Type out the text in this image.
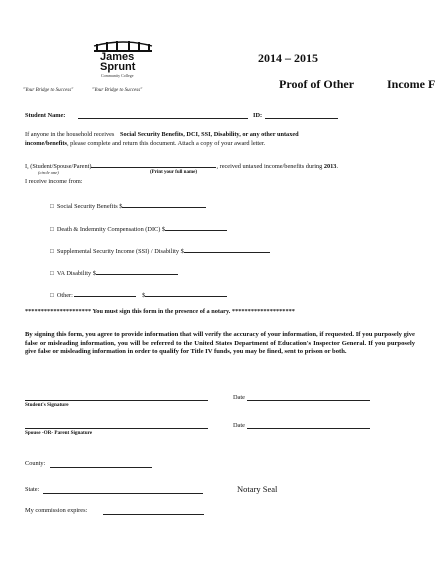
James
Sprunt
Community College
"Your Bridge to Success"	"Your Bridge to Success"
2014 – 2015
Proof of Other	Income F
Student Name:	ID:
If anyone in the household receives Social Security Benefits, DCI, SSI, Disability, or any other untaxed
income/benefits, please complete and return this document. Attach a copy of your award letter.
I, (Student/Spouse/Parent)	, received untaxed income/benefits during 2013.
(circle one)	(Print your full name)
I receive income from:
□ Social Security Benefits $
□ Death & Indemnity Compensation (DIC) $
□ Supplemental Security Income (SSI) / Disability $
□ VA Disability $
□ Other:	$
********************* You must sign this form in the presence of a notary. ********************
By signing this form, you agree to provide information that will verify the accuracy of your information, if requested. If you purposely give false or misleading information, you will be referred to the United States Department of Education's Inspector General. If you purposely give false or misleading information in order to qualify for Title IV funds, you may be fined, sent to prison or both.
Student's Signature
Date
Spouse -OR- Parent Signature
Date
County:
State:	Notary Seal
My commission expires:
